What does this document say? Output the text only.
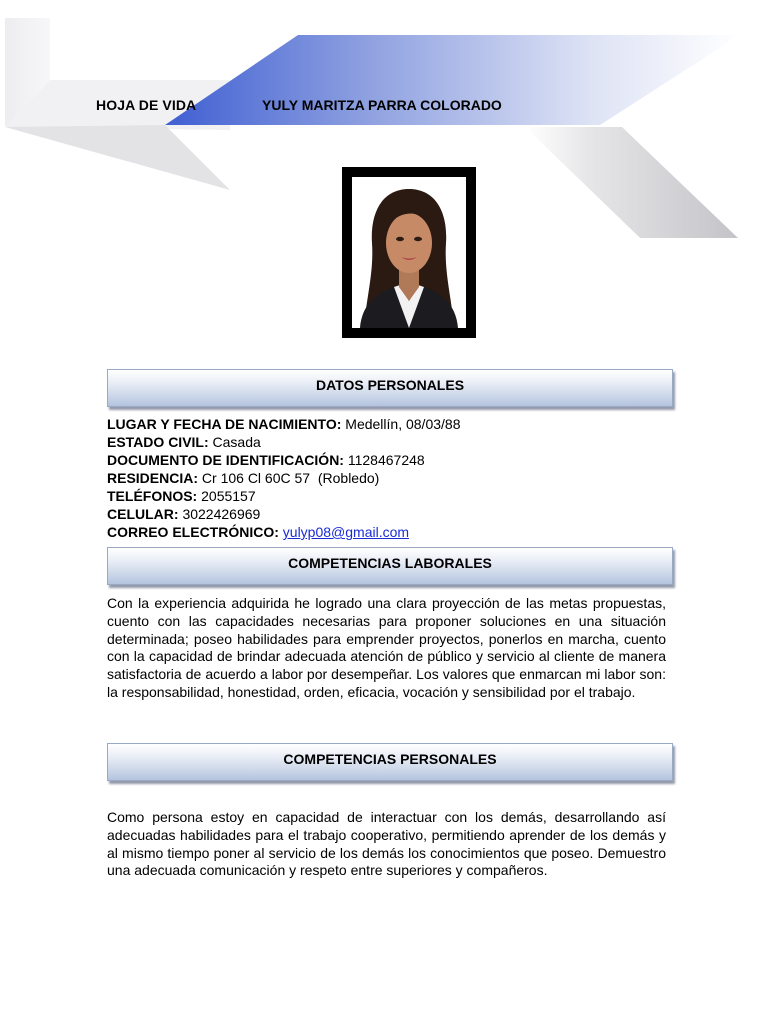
HOJA DE VIDA	YULY MARITZA PARRA COLORADO
DATOS PERSONALES
LUGAR Y FECHA DE NACIMIENTO: Medellín, 08/03/88
ESTADO CIVIL: Casada
DOCUMENTO DE IDENTIFICACIÓN: 1128467248
RESIDENCIA: Cr 106 Cl 60C 57  (Robledo)
TELÉFONOS: 2055157
CELULAR: 3022426969
CORREO ELECTRÓNICO: yulyp08@gmail.com
COMPETENCIAS LABORALES
Con la experiencia adquirida he logrado una clara proyección de las metas propuestas, cuento con las capacidades necesarias para proponer soluciones en una situación determinada; poseo habilidades para emprender proyectos, ponerlos en marcha, cuento con la capacidad de brindar adecuada atención de público y servicio al cliente de manera satisfactoria de acuerdo a labor por desempeñar. Los valores que enmarcan mi labor son: la responsabilidad, honestidad, orden, eficacia, vocación y sensibilidad por el trabajo.
COMPETENCIAS PERSONALES
Como persona estoy en capacidad de interactuar con los demás, desarrollando así adecuadas habilidades para el trabajo cooperativo, permitiendo aprender de los demás y al mismo tiempo poner al servicio de los demás los conocimientos que poseo. Demuestro una adecuada comunicación y respeto entre superiores y compañeros.
